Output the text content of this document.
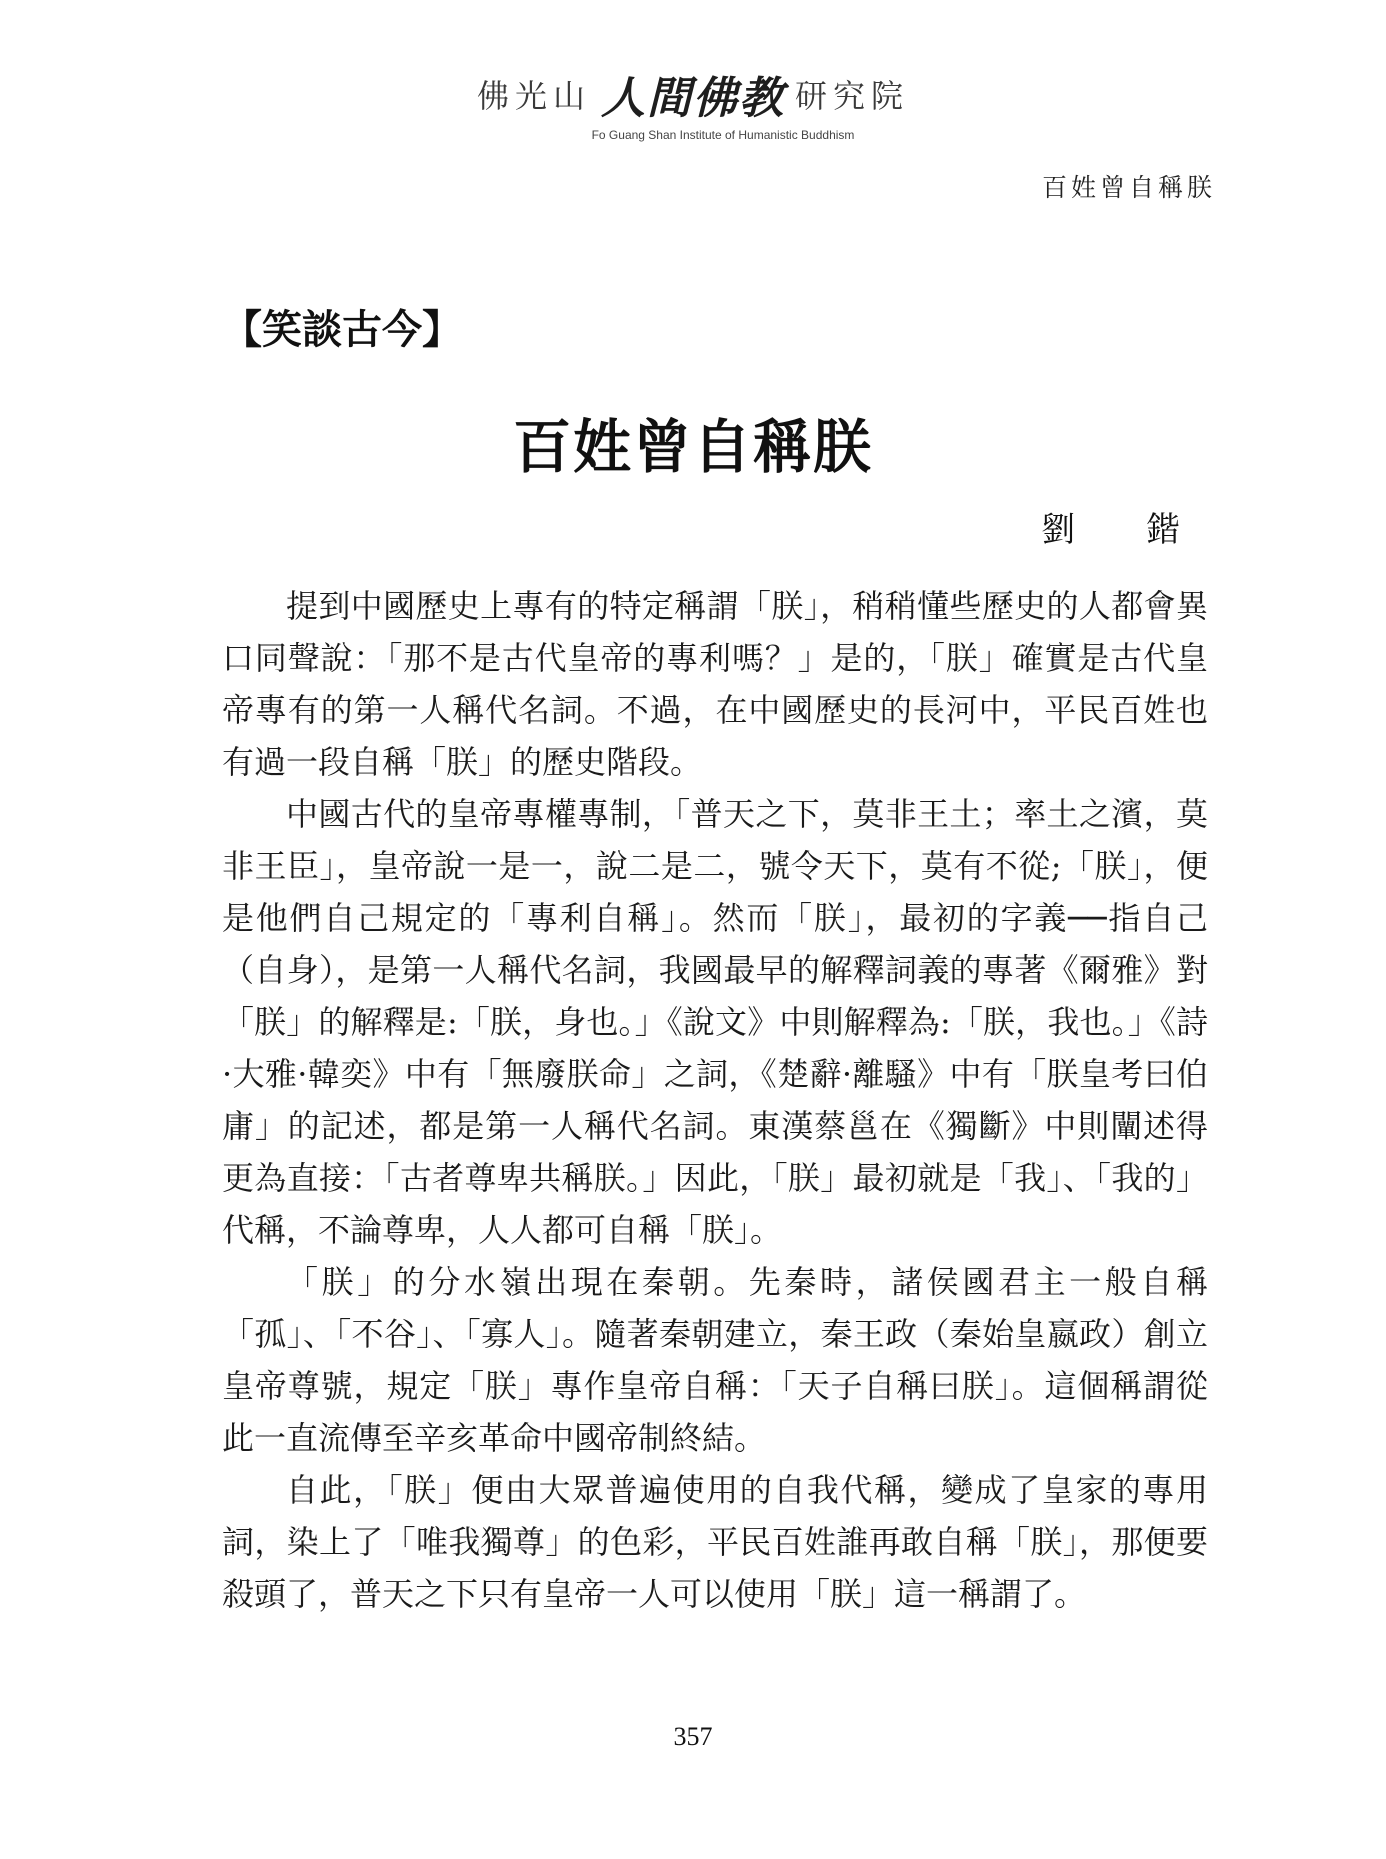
佛光山 人間佛教 研究院
Fo Guang Shan Institute of Humanistic Buddhism
百姓曾自稱朕
【笑談古今】
百姓曾自稱朕
劉 鍇

提到中國歷史上專有的特定稱謂「朕」，稍稍懂些歷史的人都會異口同聲說：「那不是古代皇帝的專利嗎？」是的，「朕」確實是古代皇帝專有的第一人稱代名詞。不過，在中國歷史的長河中，平民百姓也有過一段自稱「朕」的歷史階段。

中國古代的皇帝專權專制，「普天之下，莫非王土；率土之濱，莫非王臣」，皇帝說一是一，說二是二，號令天下，莫有不從;「朕」，便是他們自己規定的「專利自稱」。然而「朕」，最初的字義──指自己（自身），是第一人稱代名詞，我國最早的解釋詞義的專著《爾雅》對「朕」的解釋是:「朕，身也。」《說文》中則解釋為:「朕，我也。」《詩·大雅·韓奕》中有「無廢朕命」之詞，《楚辭·離騷》中有「朕皇考曰伯庸」的記述，都是第一人稱代名詞。東漢蔡邕在《獨斷》中則闡述得更為直接：「古者尊卑共稱朕。」因此，「朕」最初就是「我」、「我的」代稱，不論尊卑，人人都可自稱「朕」。

「朕」的分水嶺出現在秦朝。先秦時，諸侯國君主一般自稱「孤」、「不谷」、「寡人」。隨著秦朝建立，秦王政（秦始皇嬴政）創立皇帝尊號，規定「朕」專作皇帝自稱：「天子自稱曰朕」。這個稱謂從此一直流傳至辛亥革命中國帝制終結。

自此，「朕」便由大眾普遍使用的自我代稱，變成了皇家的專用詞，染上了「唯我獨尊」的色彩，平民百姓誰再敢自稱「朕」，那便要殺頭了，普天之下只有皇帝一人可以使用「朕」這一稱謂了。

357
